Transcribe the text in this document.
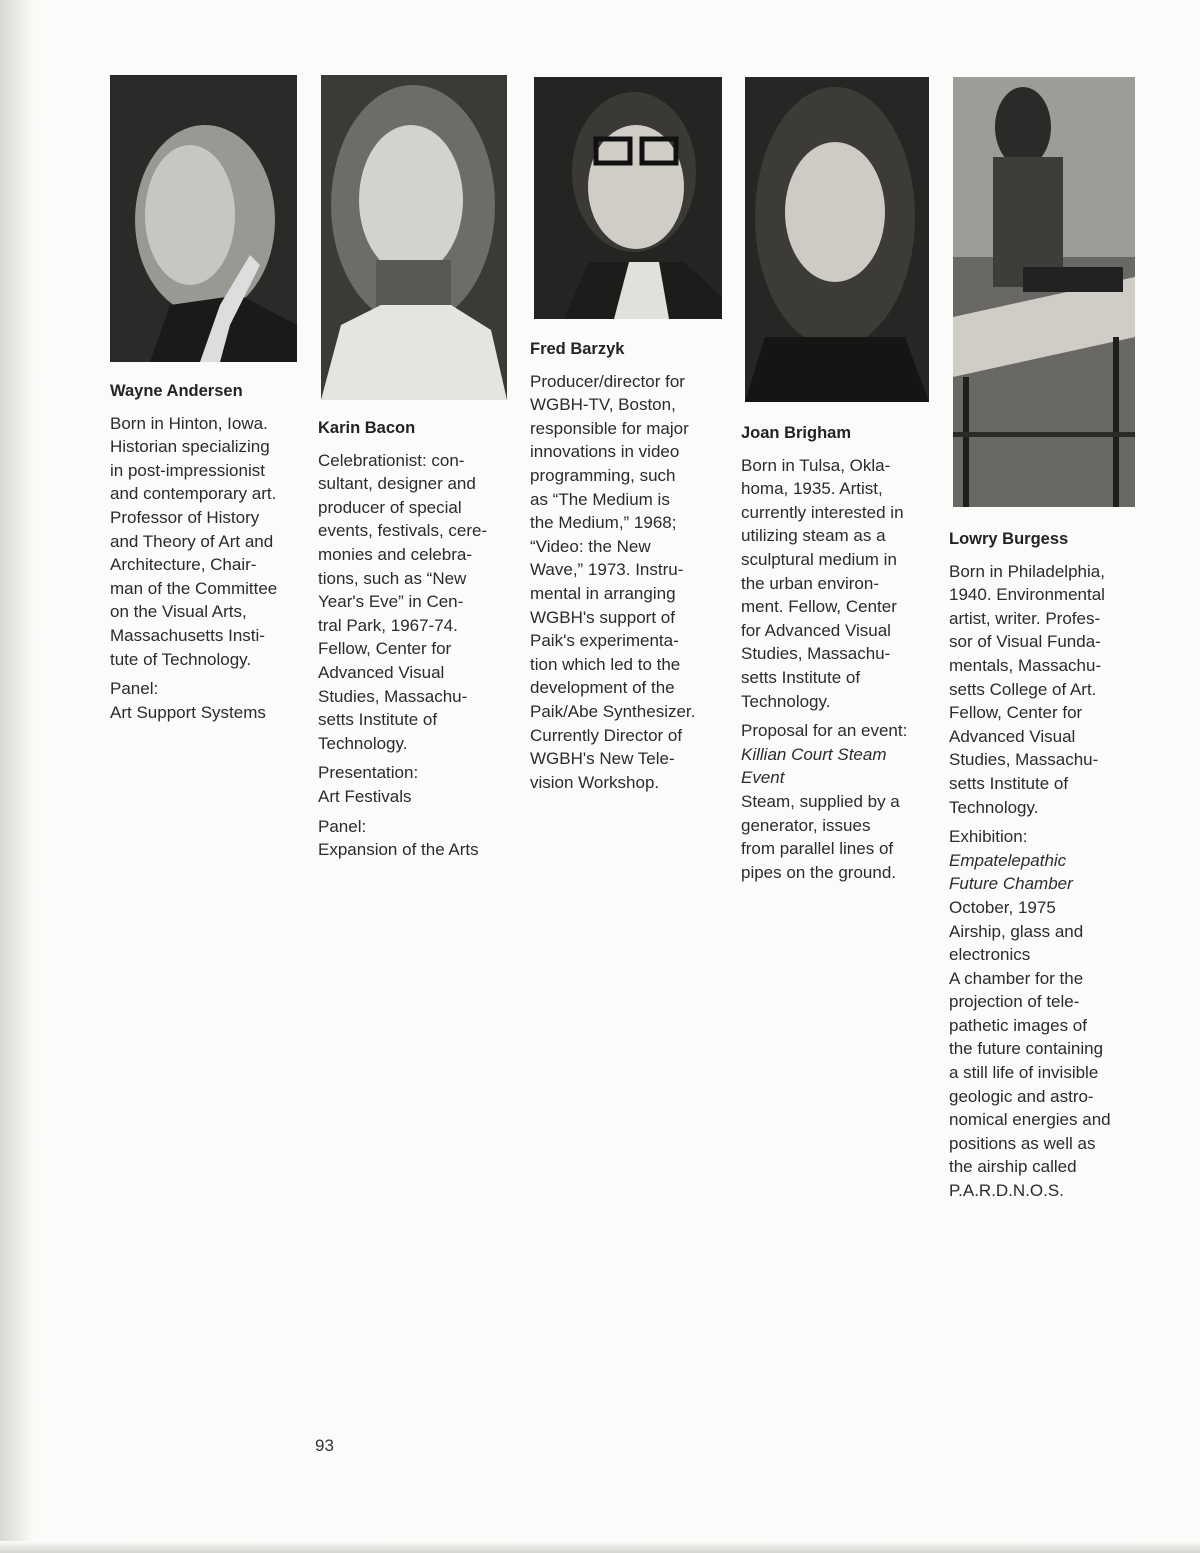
Wayne Andersen

Born in Hinton, Iowa.
Historian specializing
in post-impressionist
and contemporary art.
Professor of History
and Theory of Art and
Architecture, Chair-
man of the Committee
on the Visual Arts,
Massachusetts Insti-
tute of Technology.

Panel:
Art Support Systems

Karin Bacon

Celebrationist: con-
sultant, designer and
producer of special
events, festivals, cere-
monies and celebra-
tions, such as “New
Year's Eve” in Cen-
tral Park, 1967-74.
Fellow, Center for
Advanced Visual
Studies, Massachu-
setts Institute of
Technology.

Presentation:
Art Festivals

Panel:
Expansion of the Arts

Fred Barzyk

Producer/director for
WGBH-TV, Boston,
responsible for major
innovations in video
programming, such
as “The Medium is
the Medium,” 1968;
“Video: the New
Wave,” 1973. Instru-
mental in arranging
WGBH's support of
Paik's experimenta-
tion which led to the
development of the
Paik/Abe Synthesizer.
Currently Director of
WGBH's New Tele-
vision Workshop.

Joan Brigham

Born in Tulsa, Okla-
homa, 1935. Artist,
currently interested in
utilizing steam as a
sculptural medium in
the urban environ-
ment. Fellow, Center
for Advanced Visual
Studies, Massachu-
setts Institute of
Technology.

Proposal for an event:
Killian Court Steam
Event
Steam, supplied by a
generator, issues
from parallel lines of
pipes on the ground.

Lowry Burgess

Born in Philadelphia,
1940. Environmental
artist, writer. Profes-
sor of Visual Funda-
mentals, Massachu-
setts College of Art.
Fellow, Center for
Advanced Visual
Studies, Massachu-
setts Institute of
Technology.

Exhibition:
Empatelepathic
Future Chamber
October, 1975
Airship, glass and
electronics
A chamber for the
projection of tele-
pathetic images of
the future containing
a still life of invisible
geologic and astro-
nomical energies and
positions as well as
the airship called
P.A.R.D.N.O.S.

93
